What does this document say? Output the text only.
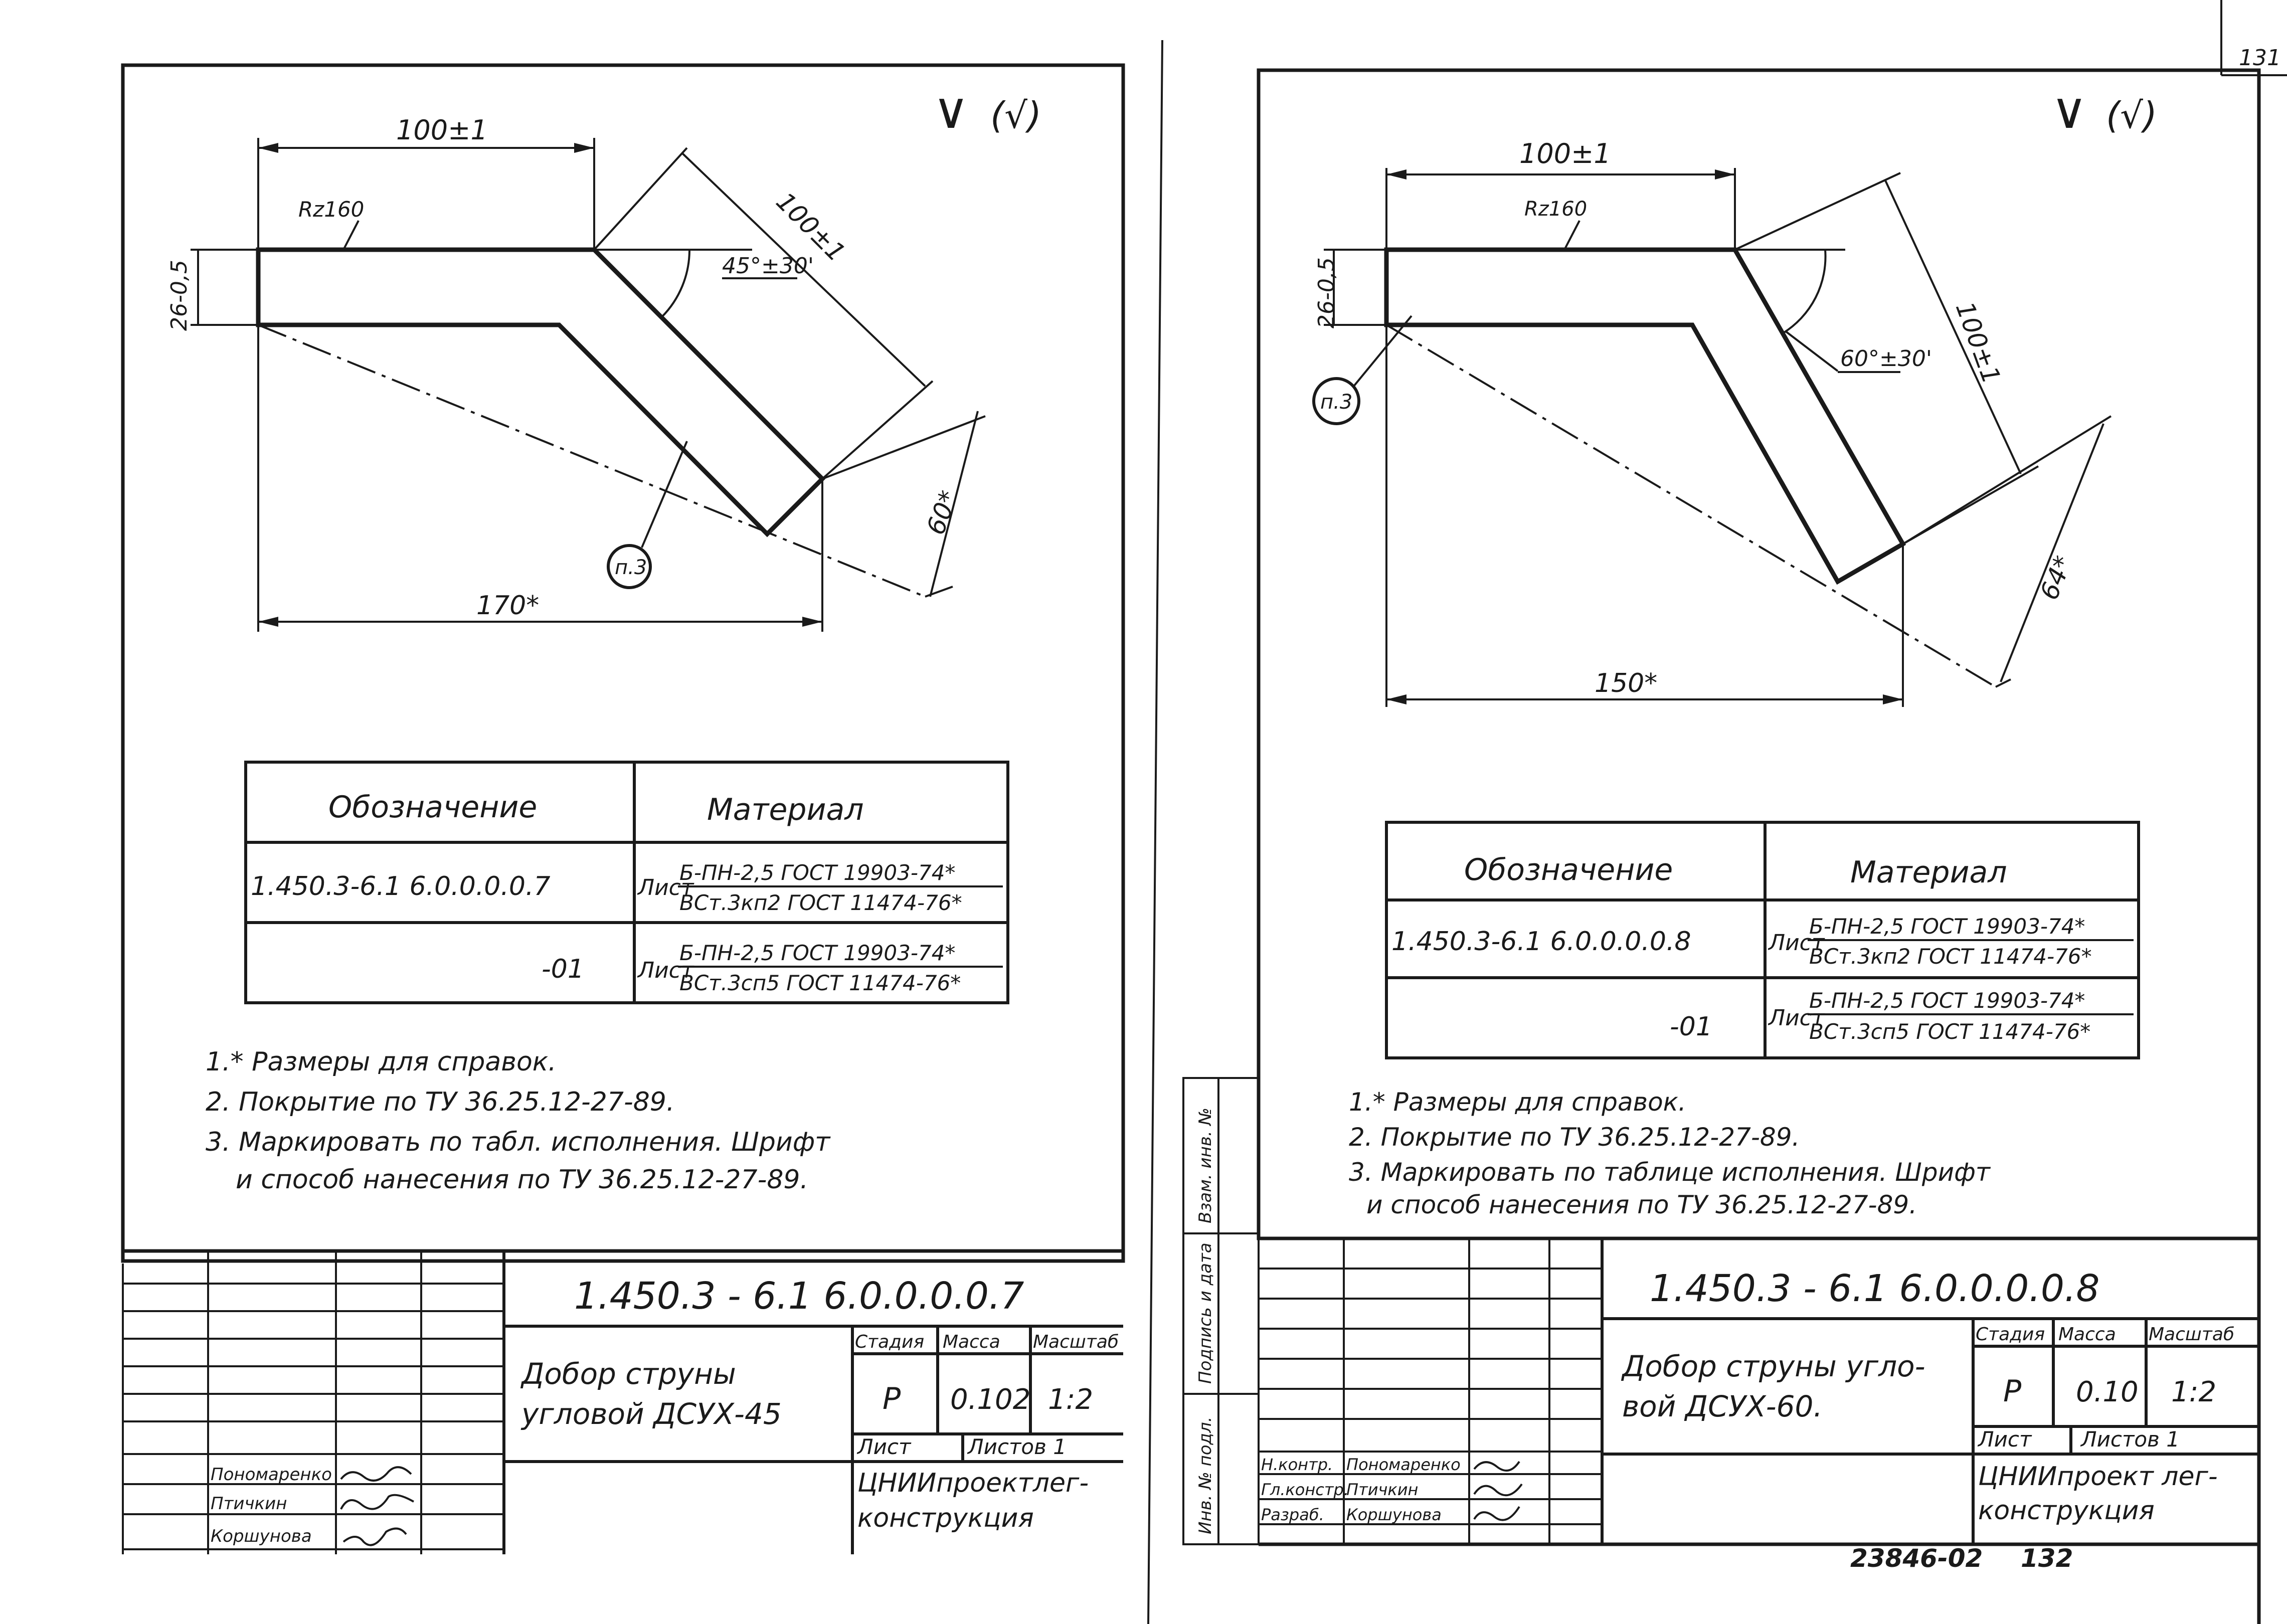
131
∨ (√)
100±1
26-0,5
Rz160	100±1
45°±30'
60*
170*
п.3
Обозначение	Материал
1.450.3-6.1 6.0.0.0.0.7	Лист
Б-ПН-2,5 ГОСТ 19903-74*
ВСт.3кп2 ГОСТ 11474-76*
-01 Лист
Б-ПН-2,5 ГОСТ 19903-74*
ВСт.3сп5 ГОСТ 11474-76*
1.* Размеры для справок.
2. Покрытие по ТУ 36.25.12-27-89.
3. Маркировать по табл. исполнения. Шрифт
и способ нанесения по ТУ 36.25.12-27-89.
1.450.3 - 6.1 6.0.0.0.0.7
Добор струны
угловой ДСУХ-45
Стадия Масса Масштаб
Р 0.102 1:2
Лист	Листов 1
ЦНИИпроектлег-
конструкция
Пономаренко
Птичкин
Коршунова
∨ (√)
100±1
26-0,5
Rz160
п.3
100±1
60°±30'
64*
150*
Обозначение	Материал
1.450.3-6.1 6.0.0.0.0.8	Лист
Б-ПН-2,5 ГОСТ 19903-74*
ВСт.3кп2 ГОСТ 11474-76*
-01	Лист
Б-ПН-2,5 ГОСТ 19903-74*
ВСт.3сп5 ГОСТ 11474-76*
1.* Размеры для справок.
2. Покрытие по ТУ 36.25.12-27-89.
3. Маркировать по таблице исполнения. Шрифт
и способ нанесения по ТУ 36.25.12-27-89.
Инв. № подл.
Подпись и дата
Взам. инв. №
1.450.3 - 6.1 6.0.0.0.0.8
Добор струны угло-
вой ДСУХ-60.
Стадия Масса Масштаб
Р 0.10 1:2
Лист Листов 1
ЦНИИпроект лег-
конструкция
Н.контр.
Гл.констр.
Разраб.
Пономаренко
Птичкин
Коршунова
23846-02 132
